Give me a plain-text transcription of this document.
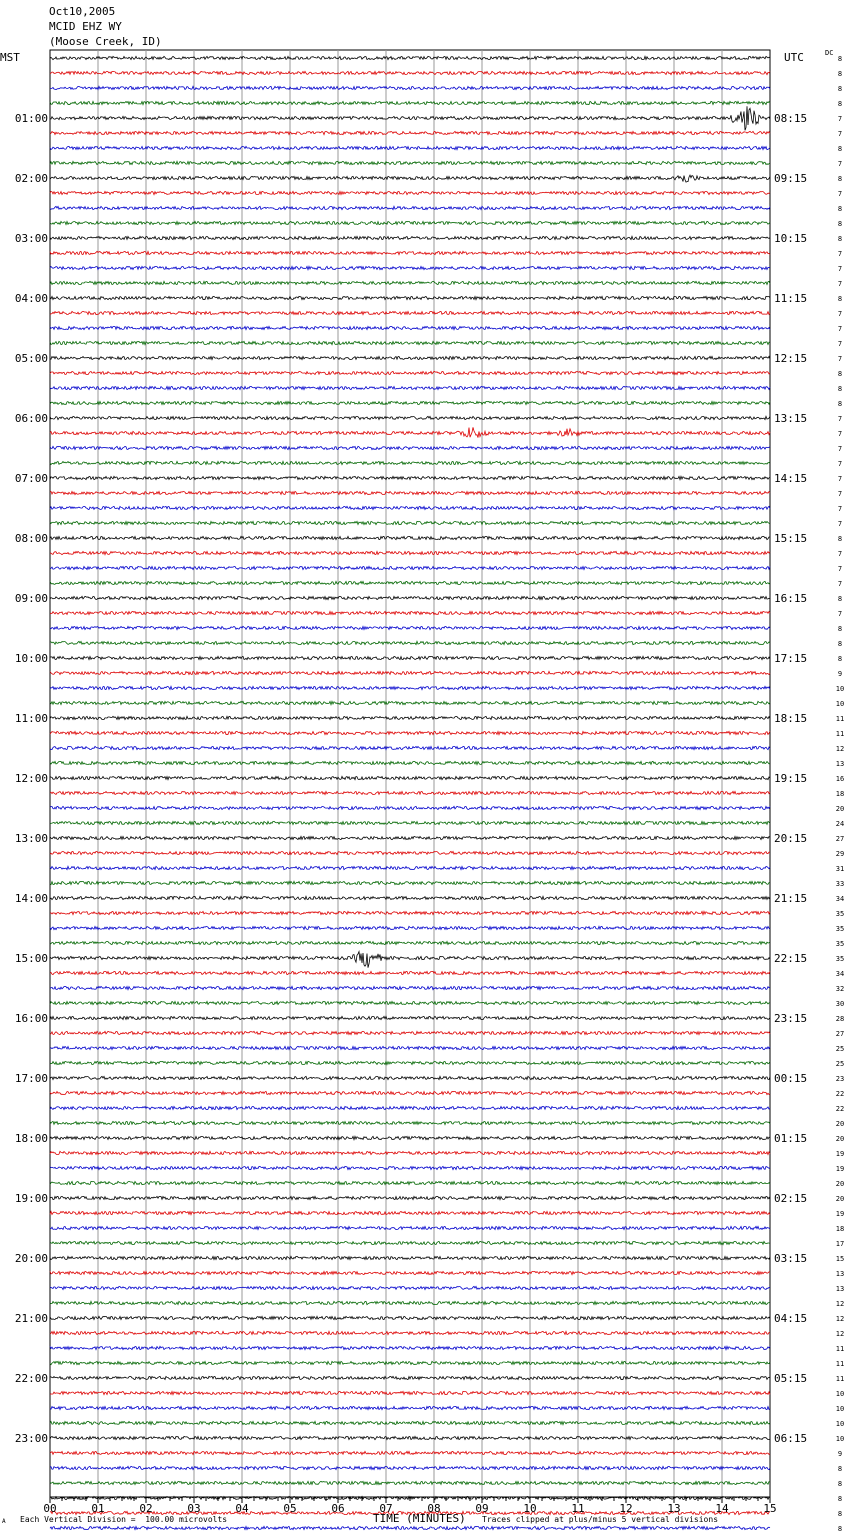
Oct10,2005
MCID EHZ WY
(Moose Creek, ID)
MST	UTC	DC
00	01	02	03	04	05	06	07	08	09	10	11	12	13	14	15
8
8
8
8
7
7
8
7
8
7
8
8
8
7
7
7
8
7
7
7
7
8
8
8
7
7
7
7
7
7
7
7
8
7
7
7
8
7
8
8
8
9
10
10
11
11
12
13
16
18
20
24
27
29
31
33
34
35
35
35
35
34
32
30
28
27
25
25
23
22
22
20
20
19
19
20
20
19
18
17
15
13
13
12
12
12
11
11
11
10
10
10
10
9
8
8
8
8
8
01:00
02:00
03:00
04:00
05:00
06:00
07:00
08:00
09:00
10:00
11:00
12:00
13:00
14:00
15:00
16:00
17:00
18:00
19:00
20:00
21:00
22:00
23:00
08:15
09:15
10:15
11:15
12:15
13:15
14:15
15:15
16:15
17:15
18:15
19:15
20:15
21:15
22:15
23:15
00:15
01:15
02:15
03:15
04:15
05:15
06:15
A Each Vertical Division =  100.00 microvolts	TIME (MINUTES) Traces clipped at plus/minus 5 vertical divisions
